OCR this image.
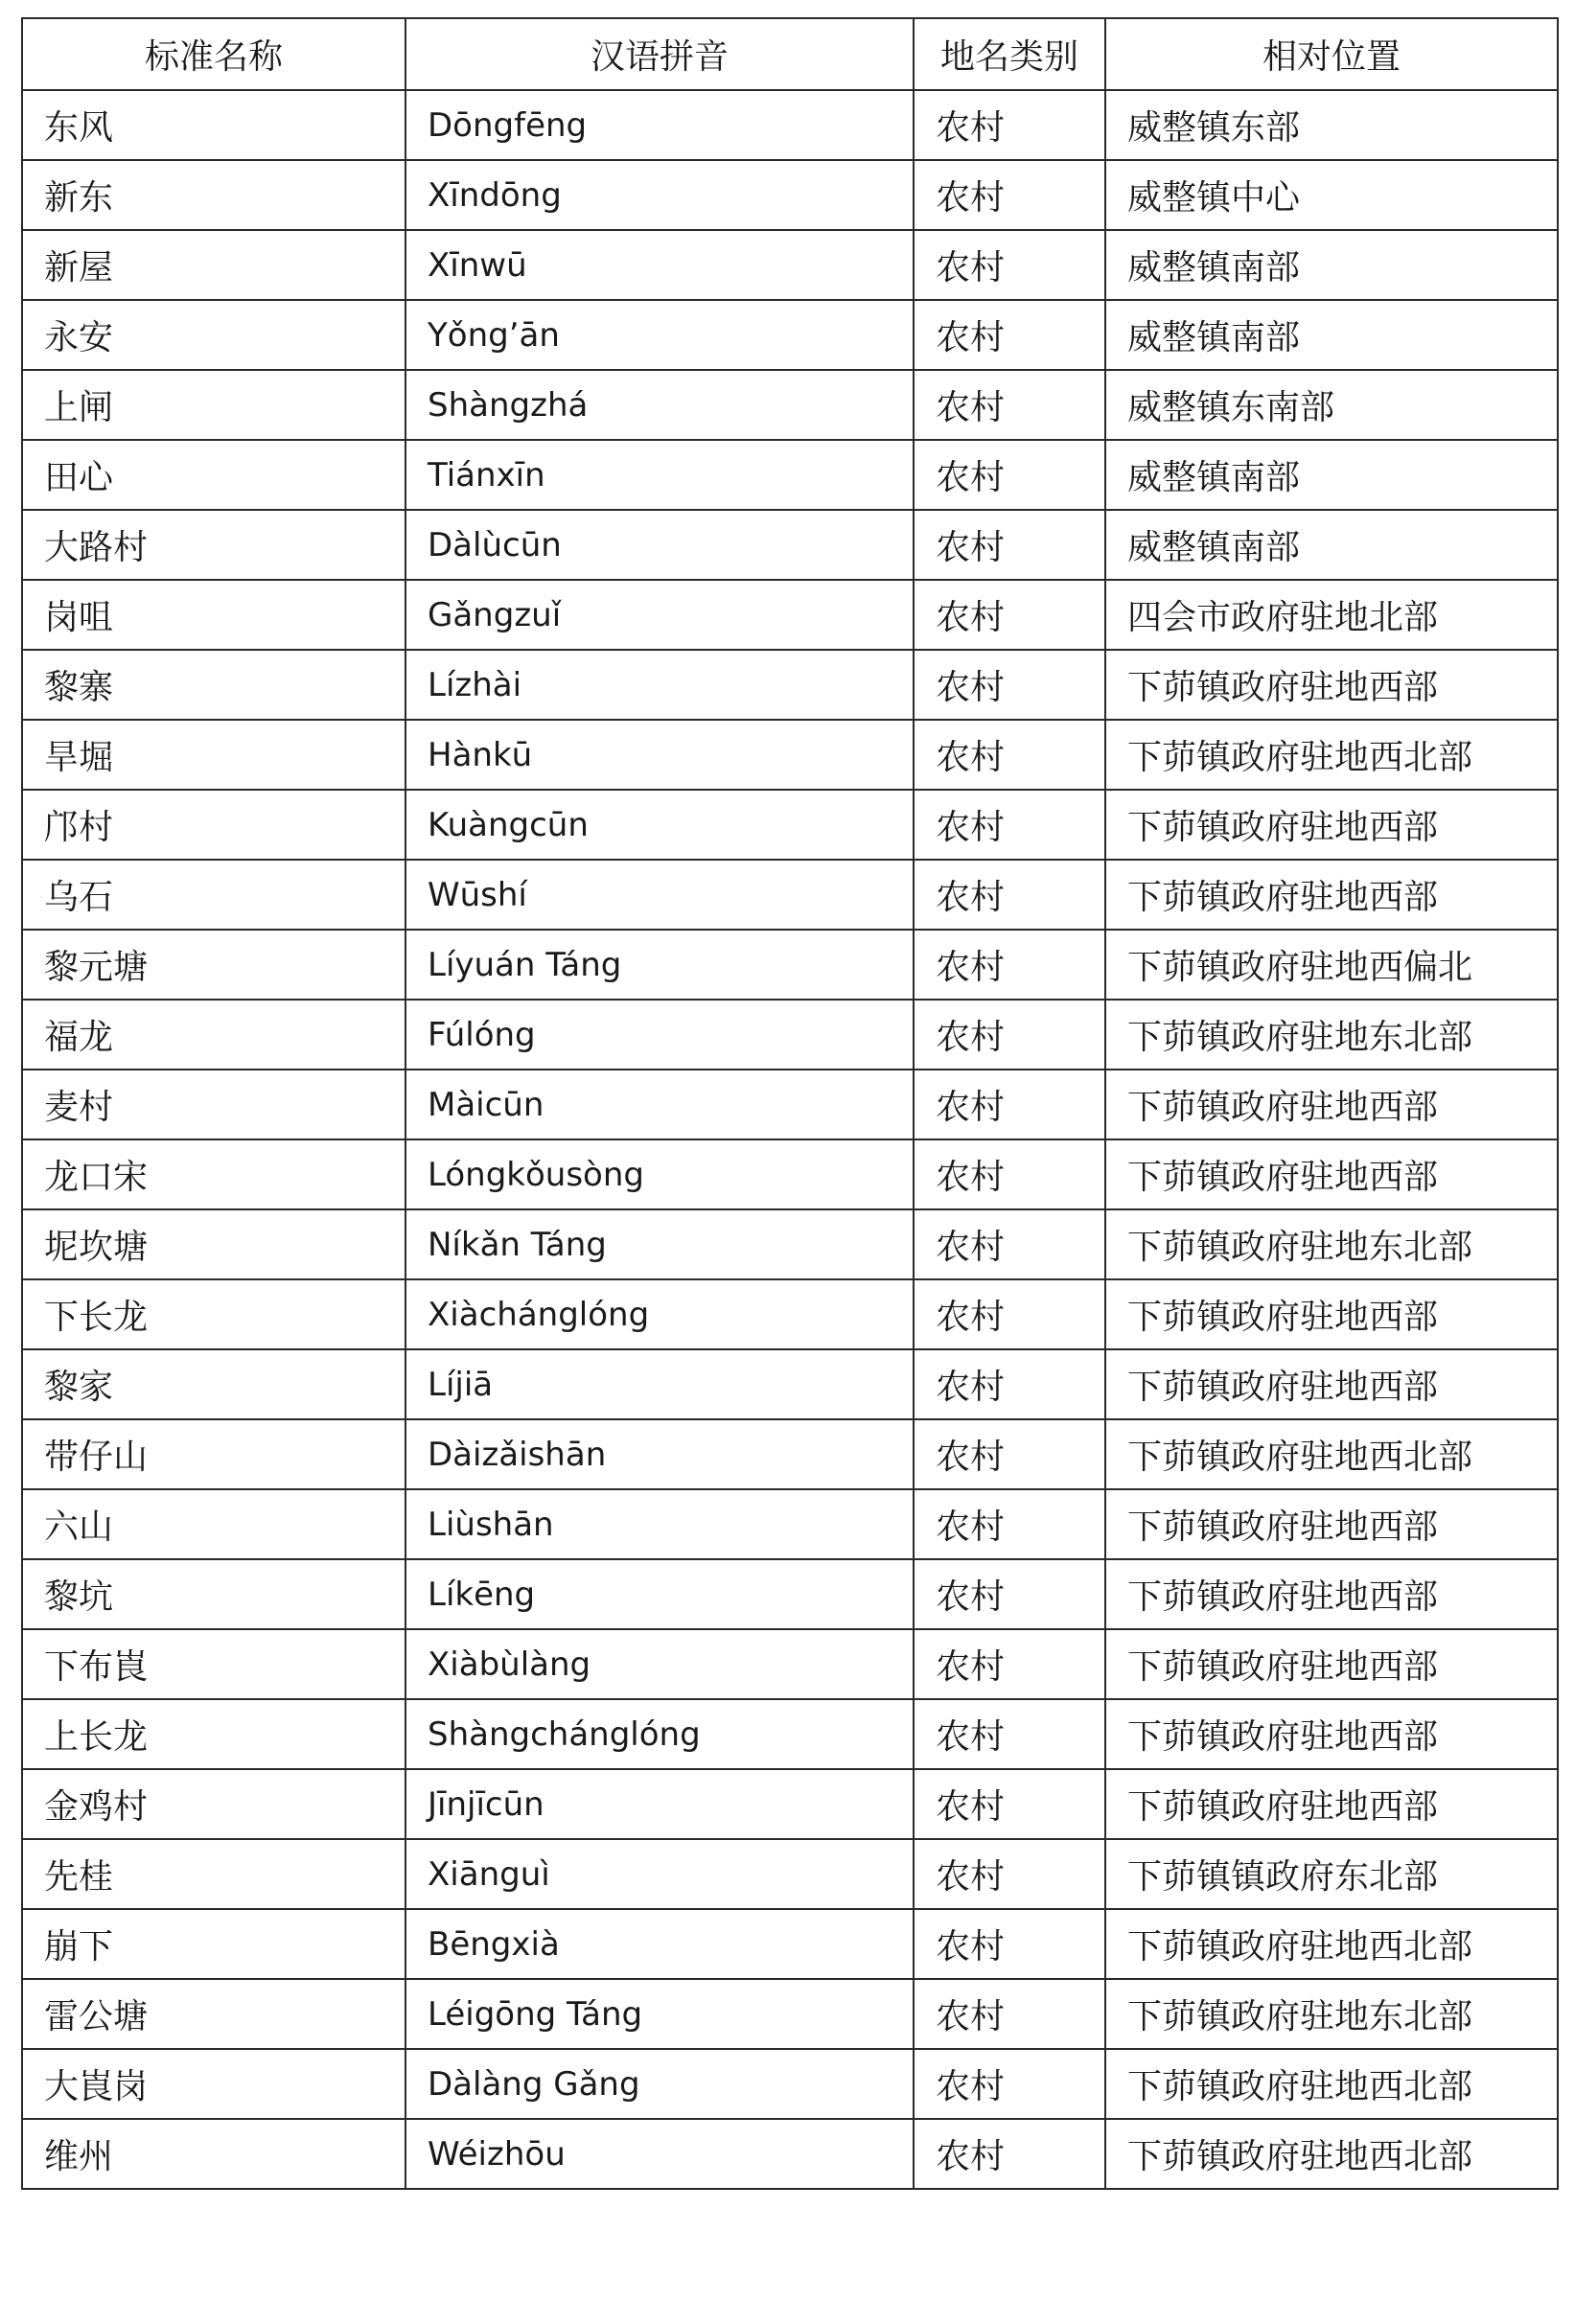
标准名称	汉语拼音	地名类别	相对位置
东风	Dōngfēng	农村	威整镇东部
新东	Xīndōng	农村	威整镇中心
新屋	Xīnwū	农村	威整镇南部
永安	Yǒng’ān	农村	威整镇南部
上闸	Shàngzhá	农村	威整镇东南部
田心	Tiánxīn	农村	威整镇南部
大路村	Dàlùcūn	农村	威整镇南部
岗咀	Gǎngzuǐ	农村	四会市政府驻地北部
黎寨	Lízhài	农村	下茆镇政府驻地西部
旱堀	Hànkū	农村	下茆镇政府驻地西北部
邝村	Kuàngcūn	农村	下茆镇政府驻地西部
乌石	Wūshí	农村	下茆镇政府驻地西部
黎元塘	Líyuán Táng	农村	下茆镇政府驻地西偏北
福龙	Fúlóng	农村	下茆镇政府驻地东北部
麦村	Màicūn	农村	下茆镇政府驻地西部
龙口宋	Lóngkǒusòng	农村	下茆镇政府驻地西部
坭坎塘	Níkǎn Táng	农村	下茆镇政府驻地东北部
下长龙	Xiàchánglóng	农村	下茆镇政府驻地西部
黎家	Líjiā	农村	下茆镇政府驻地西部
带仔山	Dàizǎishān	农村	下茆镇政府驻地西北部
六山	Liùshān	农村	下茆镇政府驻地西部
黎坑	Líkēng	农村	下茆镇政府驻地西部
下布崀	Xiàbùlàng	农村	下茆镇政府驻地西部
上长龙	Shàngchánglóng	农村	下茆镇政府驻地西部
金鸡村	Jīnjīcūn	农村	下茆镇政府驻地西部
先桂	Xiānguì	农村	下茆镇镇政府东北部
崩下	Bēngxià	农村	下茆镇政府驻地西北部
雷公塘	Léigōng Táng	农村	下茆镇政府驻地东北部
大崀岗	Dàlàng Gǎng	农村	下茆镇政府驻地西北部
维州	Wéizhōu	农村	下茆镇政府驻地西北部
